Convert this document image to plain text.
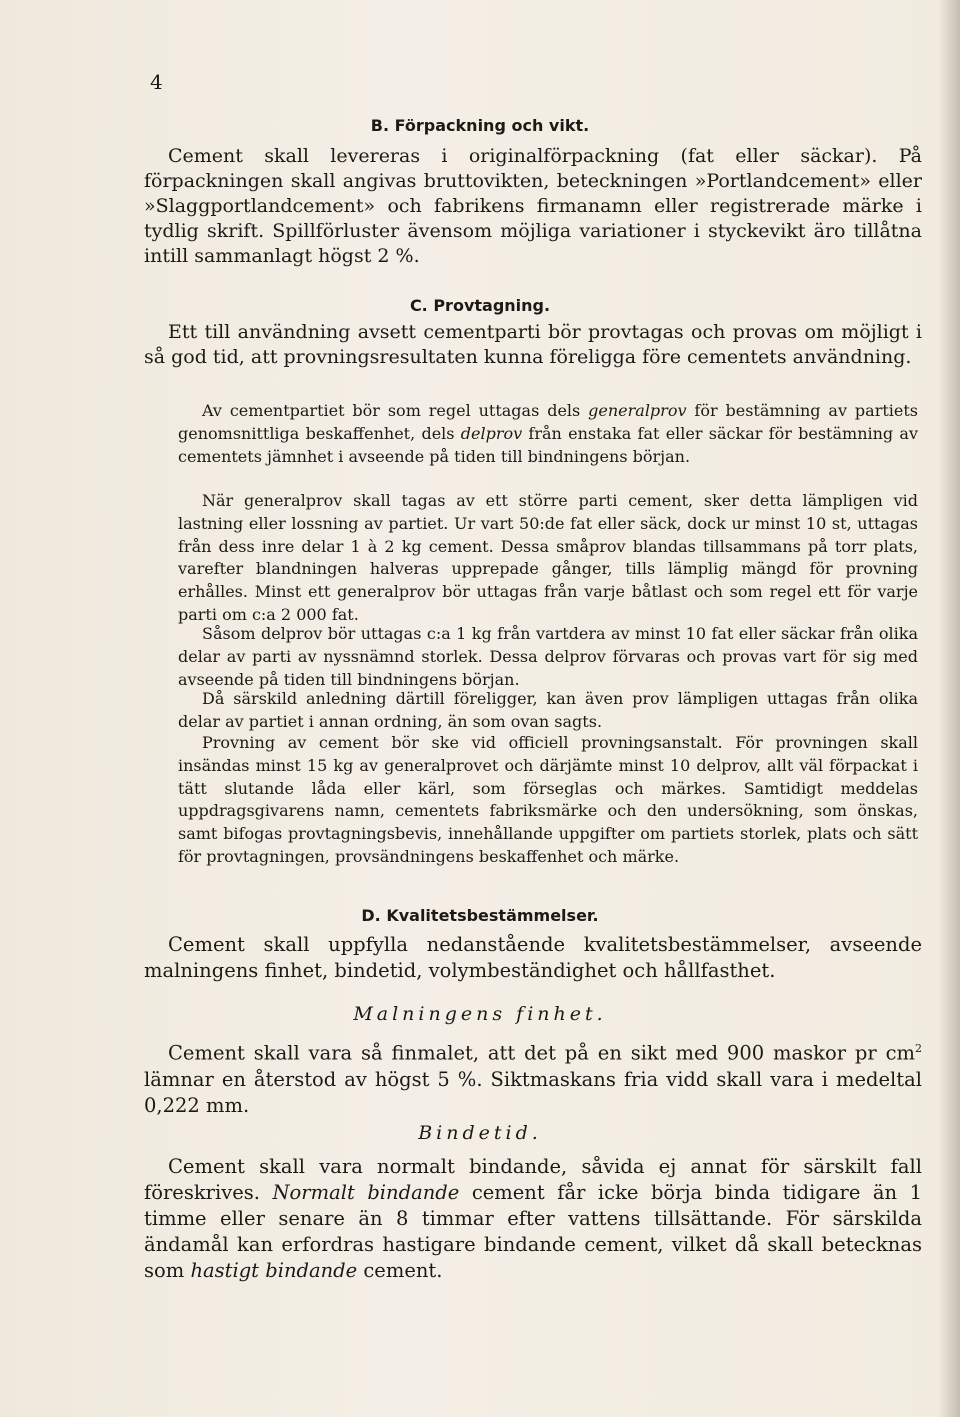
4
B. Förpackning och vikt.

Cement skall levereras i originalförpackning (fat eller säckar). På förpackningen skall angivas bruttovikten, beteckningen »Portlandcement» eller »Slaggportlandcement» och fabrikens firmanamn eller registrerade märke i tydlig skrift. Spillförluster ävensom möjliga variationer i styckevikt äro tillåtna intill sammanlagt högst 2 %.

C. Provtagning.

Ett till användning avsett cementparti bör provtagas och provas om möjligt i så god tid, att provningsresultaten kunna föreligga före cementets användning.

Av cementpartiet bör som regel uttagas dels generalprov för bestämning av partiets genomsnittliga beskaffenhet, dels delprov från enstaka fat eller säckar för bestämning av cementets jämnhet i avseende på tiden till bindningens början.

När generalprov skall tagas av ett större parti cement, sker detta lämpligen vid lastning eller lossning av partiet. Ur vart 50:de fat eller säck, dock ur minst 10 st, uttagas från dess inre delar 1 à 2 kg cement. Dessa småprov blandas tillsammans på torr plats, varefter blandningen halveras upprepade gånger, tills lämplig mängd för provning erhålles. Minst ett generalprov bör uttagas från varje båtlast och som regel ett för varje parti om c:a 2 000 fat.

Såsom delprov bör uttagas c:a 1 kg från vartdera av minst 10 fat eller säckar från olika delar av parti av nyssnämnd storlek. Dessa delprov förvaras och provas vart för sig med avseende på tiden till bindningens början.

Då särskild anledning därtill föreligger, kan även prov lämpligen uttagas från olika delar av partiet i annan ordning, än som ovan sagts.

Provning av cement bör ske vid officiell provningsanstalt. För provningen skall insändas minst 15 kg av generalprovet och därjämte minst 10 delprov, allt väl förpackat i tätt slutande låda eller kärl, som förseglas och märkes. Samtidigt meddelas uppdragsgivarens namn, cementets fabriksmärke och den undersökning, som önskas, samt bifogas provtagningsbevis, innehållande uppgifter om partiets storlek, plats och sätt för provtagningen, provsändningens beskaffenhet och märke.

D. Kvalitetsbestämmelser.

Cement skall uppfylla nedanstående kvalitetsbestämmelser, avseende malningens finhet, bindetid, volymbeständighet och hållfasthet.

Malningens finhet.

Cement skall vara så finmalet, att det på en sikt med 900 maskor pr $cm^2$ lämnar en återstod av högst 5 %. Siktmaskans fria vidd skall vara i medeltal 0,222 mm.

Bindetid.

Cement skall vara normalt bindande, såvida ej annat för särskilt fall föreskrives. Normalt bindande cement får icke börja binda tidigare än 1 timme eller senare än 8 timmar efter vattens tillsättande. För särskilda ändamål kan erfordras hastigare bindande cement, vilket då skall betecknas som hastigt bindande cement.
